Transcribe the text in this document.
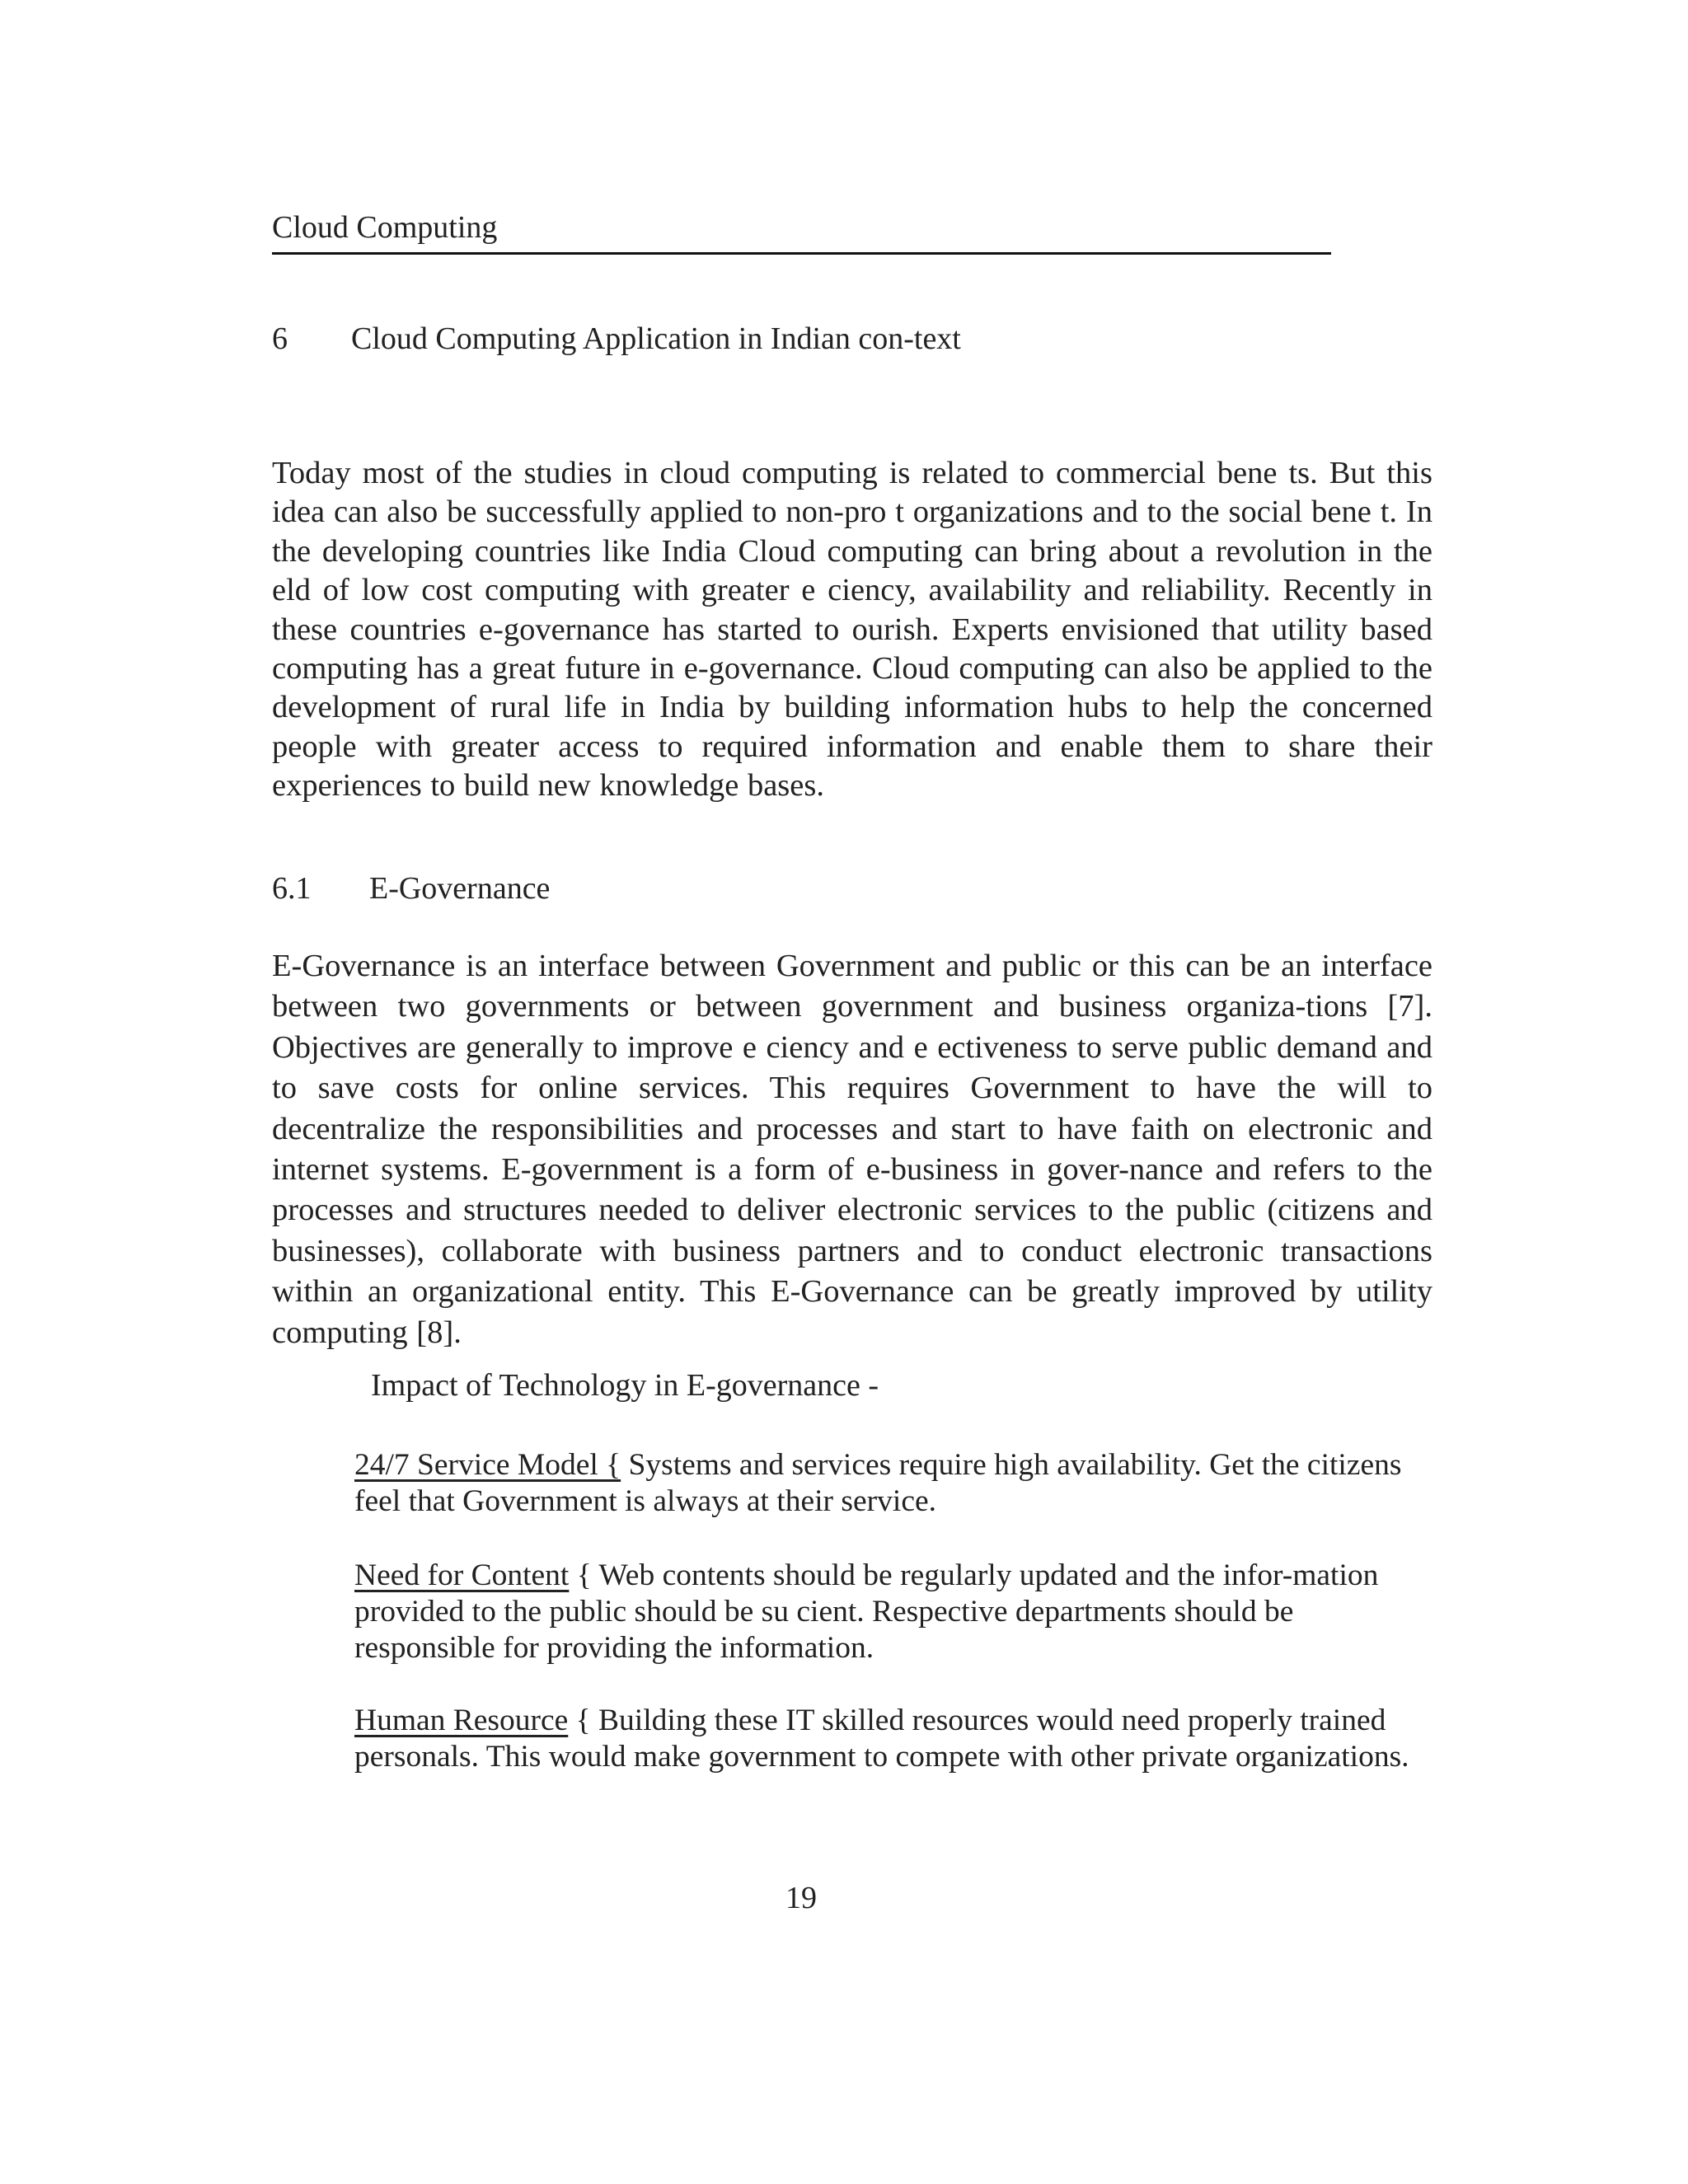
Cloud Computing
6 Cloud Computing Application in Indian con-text

Today most of the studies in cloud computing is related to commercial bene ts. But this idea can also be successfully applied to non-pro t organizations and to the social bene t. In the developing countries like India Cloud computing can bring about a revolution in the eld of low cost computing with greater e ciency, availability and reliability. Recently in these countries e-governance has started to ourish. Experts envisioned that utility based computing has a great future in e-governance. Cloud computing can also be applied to the development of rural life in India by building information hubs to help the concerned people with greater access to required information and enable them to share their experiences to build new knowledge bases.

6.1 E-Governance

E-Governance is an interface between Government and public or this can be an interface between two governments or between government and business organiza-tions [7]. Objectives are generally to improve e ciency and e ectiveness to serve public demand and to save costs for online services. This requires Government to have the will to decentralize the responsibilities and processes and start to have faith on electronic and internet systems. E-government is a form of e-business in gover-nance and refers to the processes and structures needed to deliver electronic services to the public (citizens and businesses), collaborate with business partners and to conduct electronic transactions within an organizational entity. This E-Governance can be greatly improved by utility computing [8].

Impact of Technology in E-governance -

24/7 Service Model { Systems and services require high availability. Get the citizens feel that Government is always at their service.

Need for Content { Web contents should be regularly updated and the infor-mation provided to the public should be su cient. Respective departments should be responsible for providing the information.

Human Resource { Building these IT skilled resources would need properly trained personals. This would make government to compete with other private organizations.

19
